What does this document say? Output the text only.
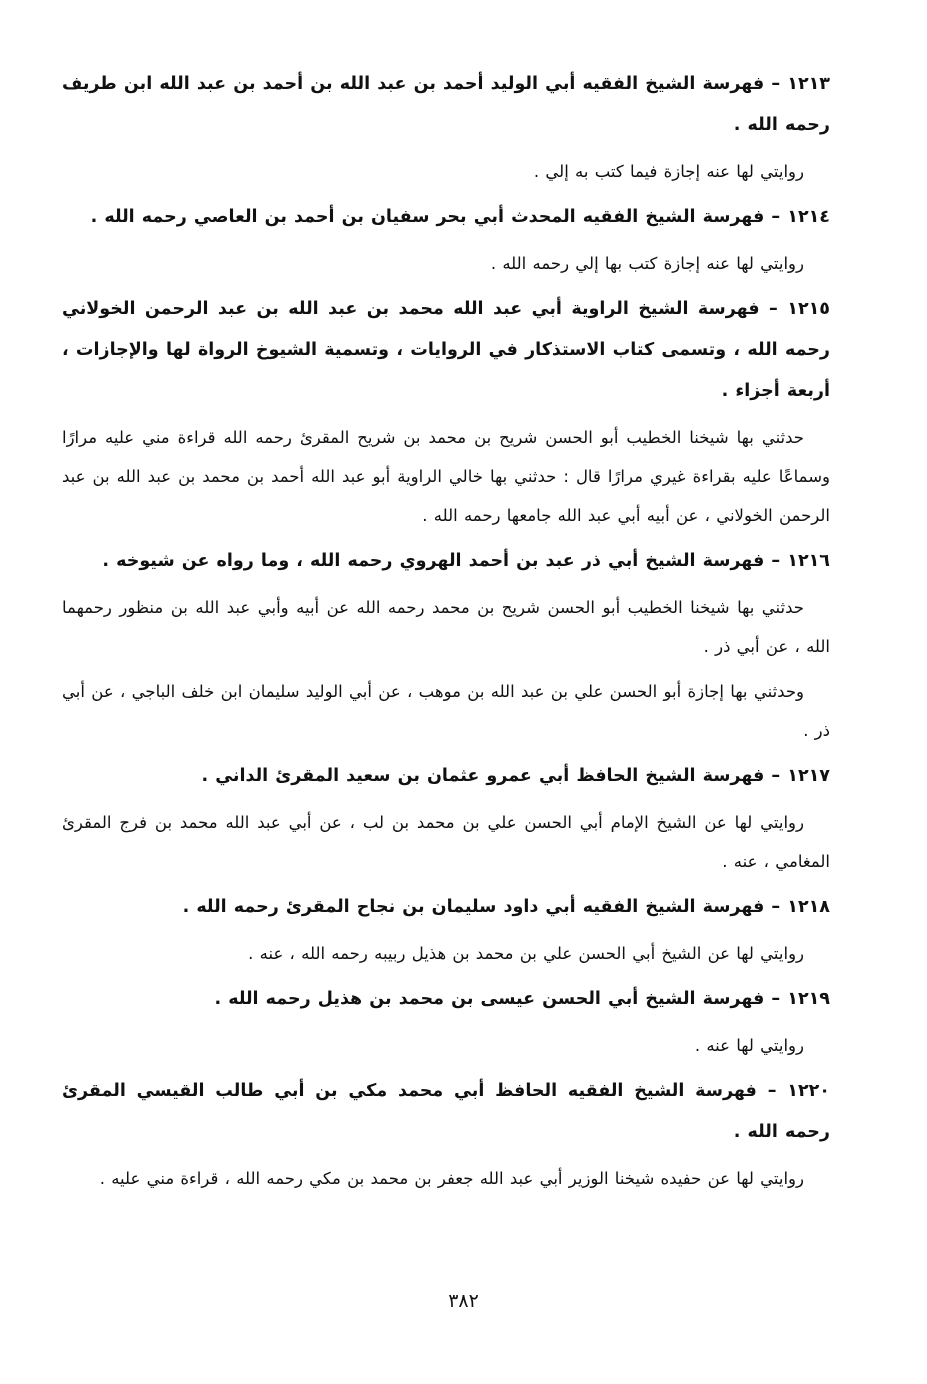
١٢١٣ – فهرسة الشيخ الفقيه أبي الوليد أحمد بن عبد الله بن أحمد بن عبد الله ابن طريف رحمه الله .

روايتي لها عنه إجازة فيما كتب به إلي .

١٢١٤ – فهرسة الشيخ الفقيه المحدث أبي بحر سفيان بن أحمد بن العاصي رحمه الله .

روايتي لها عنه إجازة كتب بها إلي رحمه الله .

١٢١٥ – فهرسة الشيخ الراوية أبي عبد الله محمد بن عبد الله بن عبد الرحمن الخولاني رحمه الله ، وتسمى كتاب الاستذكار في الروايات ، وتسمية الشيوخ الرواة لها والإجازات ، أربعة أجزاء .

حدثني بها شيخنا الخطيب أبو الحسن شريح بن محمد بن شريح المقرئ رحمه الله قراءة مني عليه مرارًا وسماعًا عليه بقراءة غيري مرارًا قال : حدثني بها خالي الراوية أبو عبد الله أحمد بن محمد بن عبد الله بن عبد الرحمن الخولاني ، عن أبيه أبي عبد الله جامعها رحمه الله .

١٢١٦ – فهرسة الشيخ أبي ذر عبد بن أحمد الهروي رحمه الله ، وما رواه عن شيوخه .

حدثني بها شيخنا الخطيب أبو الحسن شريح بن محمد رحمه الله عن أبيه وأبي عبد الله بن منظور رحمهما الله ، عن أبي ذر .

وحدثني بها إجازة أبو الحسن علي بن عبد الله بن موهب ، عن أبي الوليد سليمان ابن خلف الباجي ، عن أبي ذر .

١٢١٧ – فهرسة الشيخ الحافظ أبي عمرو عثمان بن سعيد المقرئ الداني .

روايتي لها عن الشيخ الإمام أبي الحسن علي بن محمد بن لب ، عن أبي عبد الله محمد بن فرج المقرئ المغامي ، عنه .

١٢١٨ – فهرسة الشيخ الفقيه أبي داود سليمان بن نجاح المقرئ رحمه الله .

روايتي لها عن الشيخ أبي الحسن علي بن محمد بن هذيل ربيبه رحمه الله ، عنه .

١٢١٩ – فهرسة الشيخ أبي الحسن عيسى بن محمد بن هذيل رحمه الله .

روايتي لها عنه .

١٢٢٠ – فهرسة الشيخ الفقيه الحافظ أبي محمد مكي بن أبي طالب القيسي المقرئ رحمه الله .

روايتي لها عن حفيده شيخنا الوزير أبي عبد الله جعفر بن محمد بن مكي رحمه الله ، قراءة مني عليه .

٣٨٢
